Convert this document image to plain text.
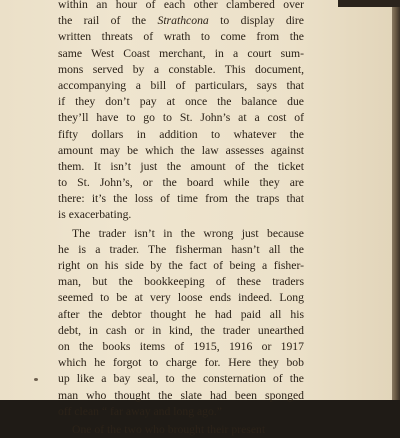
within an hour of each other clambered over
the rail of the Strathcona to display dire
written threats of wrath to come from the
same West Coast merchant, in a court sum-
mons served by a constable. This document,
accompanying a bill of particulars, says that
if they don’t pay at once the balance due
they’ll have to go to St. John’s at a cost of
fifty dollars in addition to whatever the
amount may be which the law assesses against
them. It isn’t just the amount of the ticket
to St. John’s, or the board while they are
there: it’s the loss of time from the traps that
is exacerbating.
The trader isn’t in the wrong just because
he is a trader. The fisherman hasn’t all the
right on his side by the fact of being a fisher-
man, but the bookkeeping of these traders
seemed to be at very loose ends indeed. Long
after the debtor thought he had paid all his
debt, in cash or in kind, the trader unearthed
on the books items of 1915, 1916 or 1917
which he forgot to charge for. Here they bob
up like a bay seal, to the consternation of the
man who thought the slate had been sponged
off clean “ far away and long ago.”
One of the two who brought their present
